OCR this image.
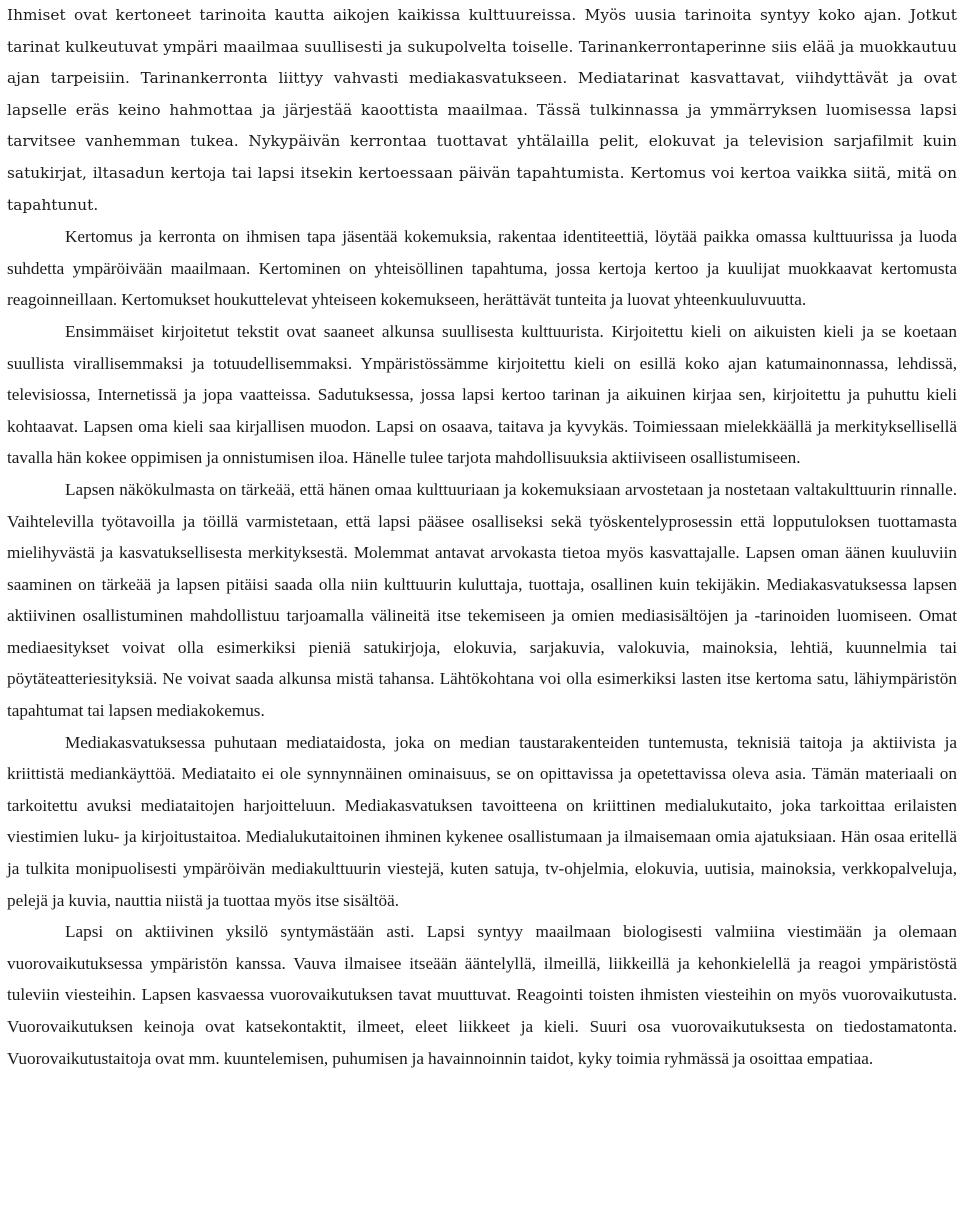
Ihmiset ovat kertoneet tarinoita kautta aikojen kaikissa kulttuureissa. Myös uusia tarinoita syntyy koko ajan. Jotkut tarinat kulkeutuvat ympäri maailmaa suullisesti ja sukupolvelta toiselle. Tarinankerrontaperinne siis elää ja muokkautuu ajan tarpeisiin. Tarinankerronta liittyy vahvasti mediakasvatukseen. Mediatarinat kasvattavat, viihdyttävät ja ovat lapselle eräs keino hahmottaa ja järjestää kaoottista maailmaa. Tässä tulkinnassa ja ymmärryksen luomisessa lapsi tarvitsee vanhemman tukea. Nykypäivän kerrontaa tuottavat yhtälailla pelit, elokuvat ja television sarjafilmit kuin satukirjat, iltasadun kertoja tai lapsi itsekin kertoessaan päivän tapahtumista. Kertomus voi kertoa vaikka siitä, mitä on tapahtunut.

Kertomus ja kerronta on ihmisen tapa jäsentää kokemuksia, rakentaa identiteettiä, löytää paikka omassa kulttuurissa ja luoda suhdetta ympäröivään maailmaan. Kertominen on yhteisöllinen tapahtuma, jossa kertoja kertoo ja kuulijat muokkaavat kertomusta reagoinneillaan. Kertomukset houkuttelevat yhteiseen kokemukseen, herättävät tunteita ja luovat yhteenkuuluvuutta.

Ensimmäiset kirjoitetut tekstit ovat saaneet alkunsa suullisesta kulttuurista. Kirjoitettu kieli on aikuisten kieli ja se koetaan suullista virallisemmaksi ja totuudellisemmaksi. Ympäristössämme kirjoitettu kieli on esillä koko ajan katumainonnassa, lehdissä, televisiossa, Internetissä ja jopa vaatteissa. Sadutuksessa, jossa lapsi kertoo tarinan ja aikuinen kirjaa sen, kirjoitettu ja puhuttu kieli kohtaavat. Lapsen oma kieli saa kirjallisen muodon. Lapsi on osaava, taitava ja kyvykäs. Toimiessaan mielekkäällä ja merkityksellisellä tavalla hän kokee oppimisen ja onnistumisen iloa. Hänelle tulee tarjota mahdollisuuksia aktiiviseen osallistumiseen.

Lapsen näkökulmasta on tärkeää, että hänen omaa kulttuuriaan ja kokemuksiaan arvostetaan ja nostetaan valtakulttuurin rinnalle. Vaihtelevilla työtavoilla ja töillä varmistetaan, että lapsi pääsee osalliseksi sekä työskentelyprosessin että lopputuloksen tuottamasta mielihyvästä ja kasvatuksellisesta merkityksestä. Molemmat antavat arvokasta tietoa myös kasvattajalle. Lapsen oman äänen kuuluviin saaminen on tärkeää ja lapsen pitäisi saada olla niin kulttuurin kuluttaja, tuottaja, osallinen kuin tekijäkin. Mediakasvatuksessa lapsen aktiivinen osallistuminen mahdollistuu tarjoamalla välineitä itse tekemiseen ja omien mediasisältöjen ja -tarinoiden luomiseen. Omat mediaesitykset voivat olla esimerkiksi pieniä satukirjoja, elokuvia, sarjakuvia, valokuvia, mainoksia, lehtiä, kuunnelmia tai pöytäteatteriesityksiä. Ne voivat saada alkunsa mistä tahansa. Lähtökohtana voi olla esimerkiksi lasten itse kertoma satu, lähiympäristön tapahtumat tai lapsen mediakokemus.

Mediakasvatuksessa puhutaan mediataidosta, joka on median taustarakenteiden tuntemusta, teknisiä taitoja ja aktiivista ja kriittistä mediankäyttöä. Mediataito ei ole synnynnäinen ominaisuus, se on opittavissa ja opetettavissa oleva asia. Tämän materiaali on tarkoitettu avuksi mediataitojen harjoitteluun. Mediakasvatuksen tavoitteena on kriittinen medialukutaito, joka tarkoittaa erilaisten viestimien luku- ja kirjoitustaitoa. Medialukutaitoinen ihminen kykenee osallistumaan ja ilmaisemaan omia ajatuksiaan. Hän osaa eritellä ja tulkita monipuolisesti ympäröivän mediakulttuurin viestejä, kuten satuja, tv-ohjelmia, elokuvia, uutisia, mainoksia, verkkopalveluja, pelejä ja kuvia, nauttia niistä ja tuottaa myös itse sisältöä.

Lapsi on aktiivinen yksilö syntymästään asti. Lapsi syntyy maailmaan biologisesti valmiina viestimään ja olemaan vuorovaikutuksessa ympäristön kanssa. Vauva ilmaisee itseään ääntelyllä, ilmeillä, liikkeillä ja kehonkielellä ja reagoi ympäristöstä tuleviin viesteihin. Lapsen kasvaessa vuorovaikutuksen tavat muuttuvat. Reagointi toisten ihmisten viesteihin on myös vuorovaikutusta. Vuorovaikutuksen keinoja ovat katsekontaktit, ilmeet, eleet liikkeet ja kieli. Suuri osa vuorovaikutuksesta on tiedostamatonta. Vuorovaikutustaitoja ovat mm. kuuntelemisen, puhumisen ja havainnoinnin taidot, kyky toimia ryhmässä ja osoittaa empatiaa.
